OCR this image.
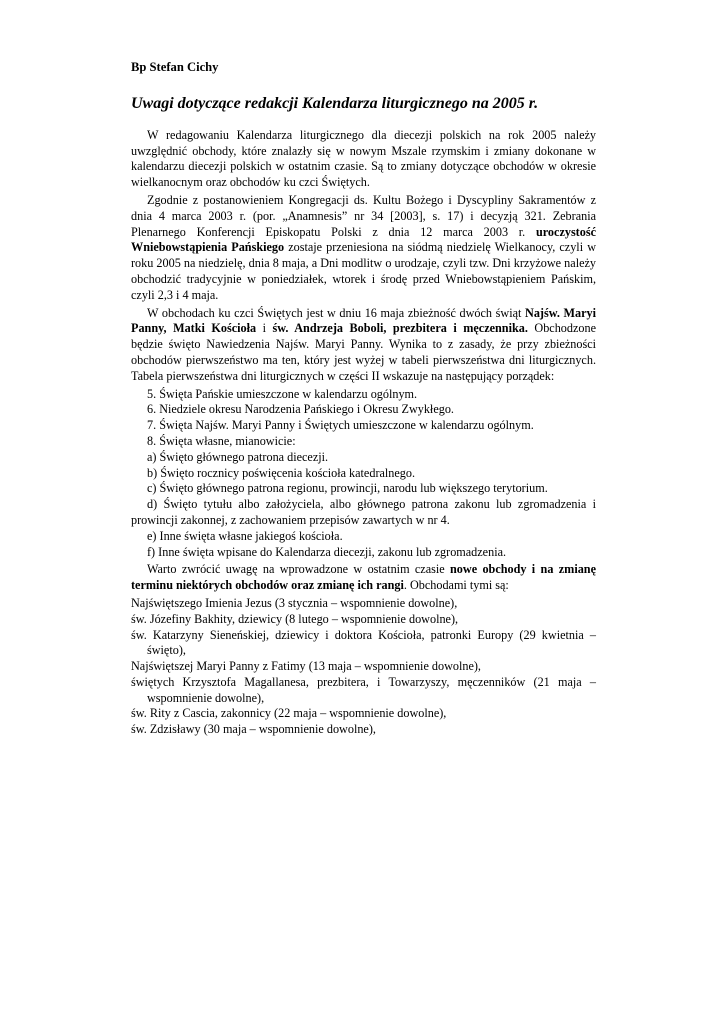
Bp Stefan Cichy
Uwagi dotyczące redakcji Kalendarza liturgicznego na 2005 r.

W redagowaniu Kalendarza liturgicznego dla diecezji polskich na rok 2005 należy uwzględnić obchody, które znalazły się w nowym Mszale rzymskim i zmiany dokonane w kalendarzu diecezji polskich w ostatnim czasie. Są to zmiany dotyczące obchodów w okresie wielkanocnym oraz obchodów ku czci Świętych.

Zgodnie z postanowieniem Kongregacji ds. Kultu Bożego i Dyscypliny Sakramentów z dnia 4 marca 2003 r. (por. „Anamnesis” nr 34 [2003], s. 17) i decyzją 321. Zebrania Plenarnego Konferencji Episkopatu Polski z dnia 12 marca 2003 r. uroczystość Wniebowstąpienia Pańskiego zostaje przeniesiona na siódmą niedzielę Wielkanocy, czyli w roku 2005 na niedzielę, dnia 8 maja, a Dni modlitw o urodzaje, czyli tzw. Dni krzyżowe należy obchodzić tradycyjnie w poniedziałek, wtorek i środę przed Wniebowstąpieniem Pańskim, czyli 2,3 i 4 maja.

W obchodach ku czci Świętych jest w dniu 16 maja zbieżność dwóch świąt Najśw. Maryi Panny, Matki Kościoła i św. Andrzeja Boboli, prezbitera i męczennika. Obchodzone będzie święto Nawiedzenia Najśw. Maryi Panny. Wynika to z zasady, że przy zbieżności obchodów pierwszeństwo ma ten, który jest wyżej w tabeli pierwszeństwa dni liturgicznych. Tabela pierwszeństwa dni liturgicznych w części II wskazuje na następujący porządek:

5. Święta Pańskie umieszczone w kalendarzu ogólnym.
6. Niedziele okresu Narodzenia Pańskiego i Okresu Zwykłego.
7. Święta Najśw. Maryi Panny i Świętych umieszczone w kalendarzu ogólnym.
8. Święta własne, mianowicie:
a) Święto głównego patrona diecezji.
b) Święto rocznicy poświęcenia kościoła katedralnego.
c) Święto głównego patrona regionu, prowincji, narodu lub większego terytorium.
d) Święto tytułu albo założyciela, albo głównego patrona zakonu lub zgromadzenia i prowincji zakonnej, z zachowaniem przepisów zawartych w nr 4.
e) Inne święta własne jakiegoś kościoła.
f) Inne święta wpisane do Kalendarza diecezji, zakonu lub zgromadzenia.

Warto zwrócić uwagę na wprowadzone w ostatnim czasie nowe obchody i na zmianę terminu niektórych obchodów oraz zmianę ich rangi. Obchodami tymi są:

Najświętszego Imienia Jezus (3 stycznia – wspomnienie dowolne),
św. Józefiny Bakhity, dziewicy (8 lutego – wspomnienie dowolne),
św. Katarzyny Sieneńskiej, dziewicy i doktora Kościoła, patronki Europy (29 kwietnia – święto),
Najświętszej Maryi Panny z Fatimy (13 maja – wspomnienie dowolne),
świętych Krzysztofa Magallanesa, prezbitera, i Towarzyszy, męczenników (21 maja – wspomnienie dowolne),
św. Rity z Cascia, zakonnicy (22 maja – wspomnienie dowolne),
św. Zdzisławy (30 maja – wspomnienie dowolne),
